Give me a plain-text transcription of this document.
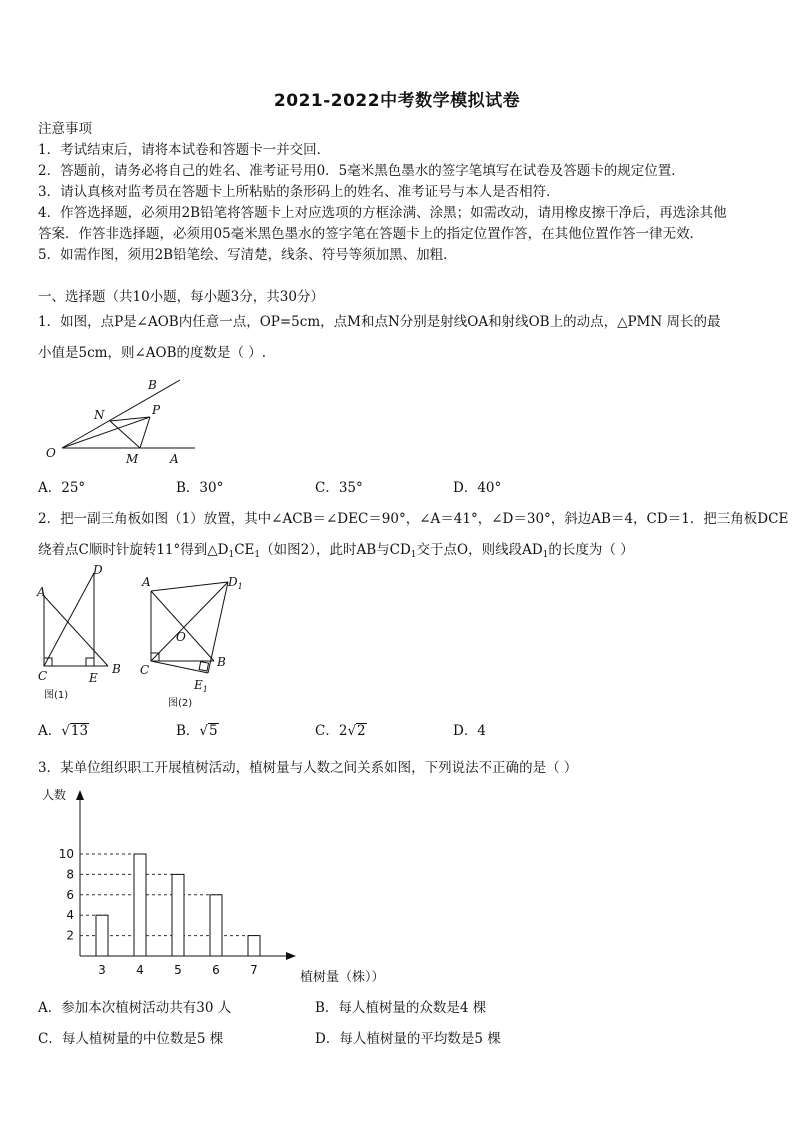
2021-2022中考数学模拟试卷
注意事项
1．考试结束后，请将本试卷和答题卡一并交回．
2．答题前，请务必将自己的姓名、准考证号用0．5毫米黑色墨水的签字笔填写在试卷及答题卡的规定位置．
3．请认真核对监考员在答题卡上所粘贴的条形码上的姓名、准考证号与本人是否相符．
4．作答选择题，必须用2B铅笔将答题卡上对应选项的方框涂满、涂黑；如需改动，请用橡皮擦干净后，再选涂其他
答案．作答非选择题，必须用05毫米黑色墨水的签字笔在答题卡上的指定位置作答，在其他位置作答一律无效．
5．如需作图，须用2B铅笔绘、写清楚，线条、符号等须加黑、加粗．
一、选择题（共10小题，每小题3分，共30分）
1．如图，点P是∠AOB内任意一点，OP=5cm，点M和点N分别是射线OA和射线OB上的动点，△PMN 周长的最
小值是5cm，则∠AOB的度数是（ ）.
B
N	P
O	M	A
A．25°	B．30°	C．35°	D．40°
2．把一副三角板如图（1）放置，其中∠ACB＝∠DEC＝90°，∠A＝41°，∠D＝30°，斜边AB＝4，CD＝1．把三角板DCE
绕着点C顺时针旋转11°得到$\triangle D_1CE_1$（如图2），此时AB与$CD_1$交于点O，则线段$AD_1$的长度为（ ）
A
D
C	E
B
图(1)
A	$D_1$
O
C
B
$E_1$
图(2)
A．√13	B．√5	C．2√2	D．4
3．某单位组织职工开展植树活动，植树量与人数之间关系如图，下列说法不正确的是（ ）
人数
植树量（株））
3	4	5	6	7
2
4
6
8
10
A．参加本次植树活动共有30 人	B．每人植树量的众数是4 棵
C．每人植树量的中位数是5 棵	D．每人植树量的平均数是5 棵
